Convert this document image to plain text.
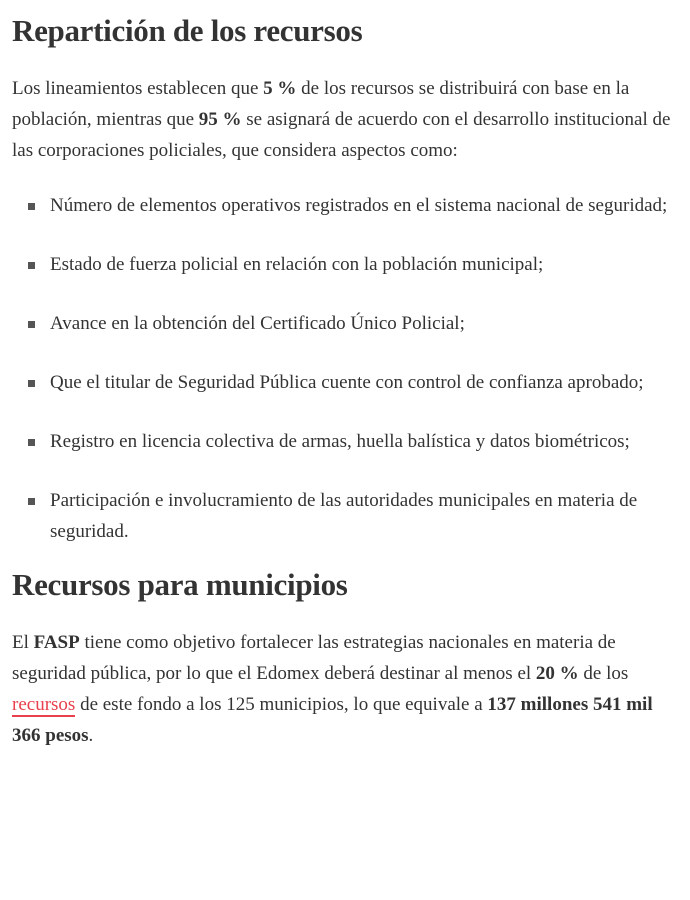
Repartición de los recursos

Los lineamientos establecen que 5 % de los recursos se distribuirá con base en la población, mientras que 95 % se asignará de acuerdo con el desarrollo institucional de las corporaciones policiales, que considera aspectos como:

Número de elementos operativos registrados en el sistema nacional de seguridad;
Estado de fuerza policial en relación con la población municipal;
Avance en la obtención del Certificado Único Policial;
Que el titular de Seguridad Pública cuente con control de confianza aprobado;
Registro en licencia colectiva de armas, huella balística y datos biométricos;
Participación e involucramiento de las autoridades municipales en materia de seguridad.
Recursos para municipios

El FASP tiene como objetivo fortalecer las estrategias nacionales en materia de seguridad pública, por lo que el Edomex deberá destinar al menos el 20 % de los recursos de este fondo a los 125 municipios, lo que equivale a 137 millones 541 mil 366 pesos.
